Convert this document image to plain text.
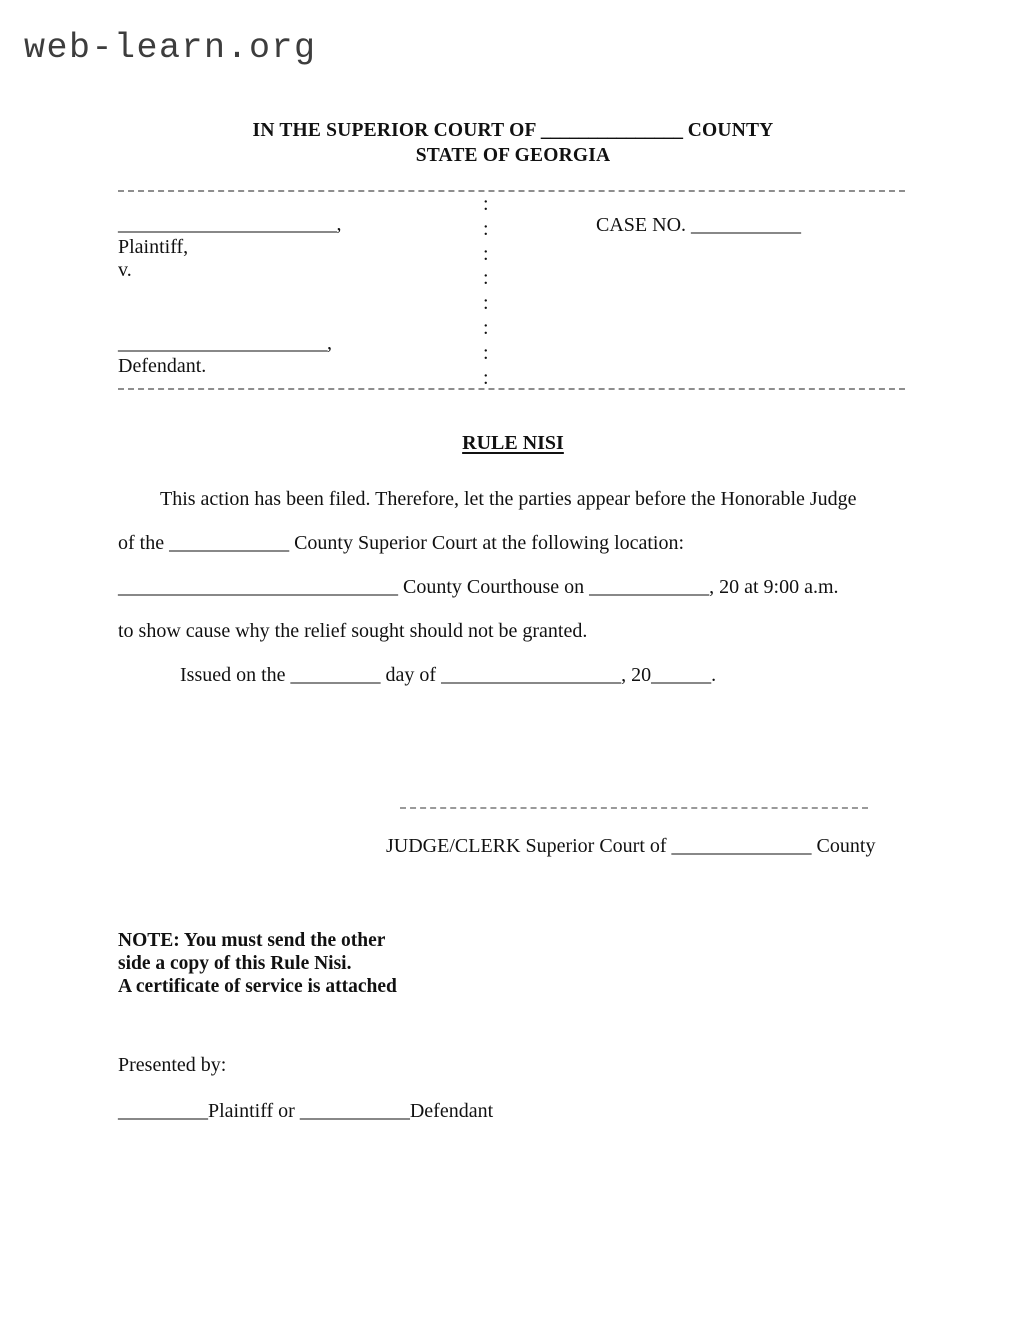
web-learn.org
IN THE SUPERIOR COURT OF _______________ COUNTY
STATE OF GEORGIA
_______________________,
Plaintiff,
v.
______________________,
Defendant.
:
:
:
:
:
:
:
:
CASE NO. ___________
RULE NISI

This action has been filed. Therefore, let the parties appear before the Honorable Judge

of the ____________ County Superior Court at the following location:

____________________________ County Courthouse on ____________, 20 at 9:00 a.m.

to show cause why the relief sought should not be granted.

Issued on the _________ day of __________________, 20______.

JUDGE/CLERK Superior Court of ______________ County
NOTE: You must send the other
side a copy of this Rule Nisi.
A certificate of service is attached
Presented by:
_________Plaintiff or ___________Defendant
